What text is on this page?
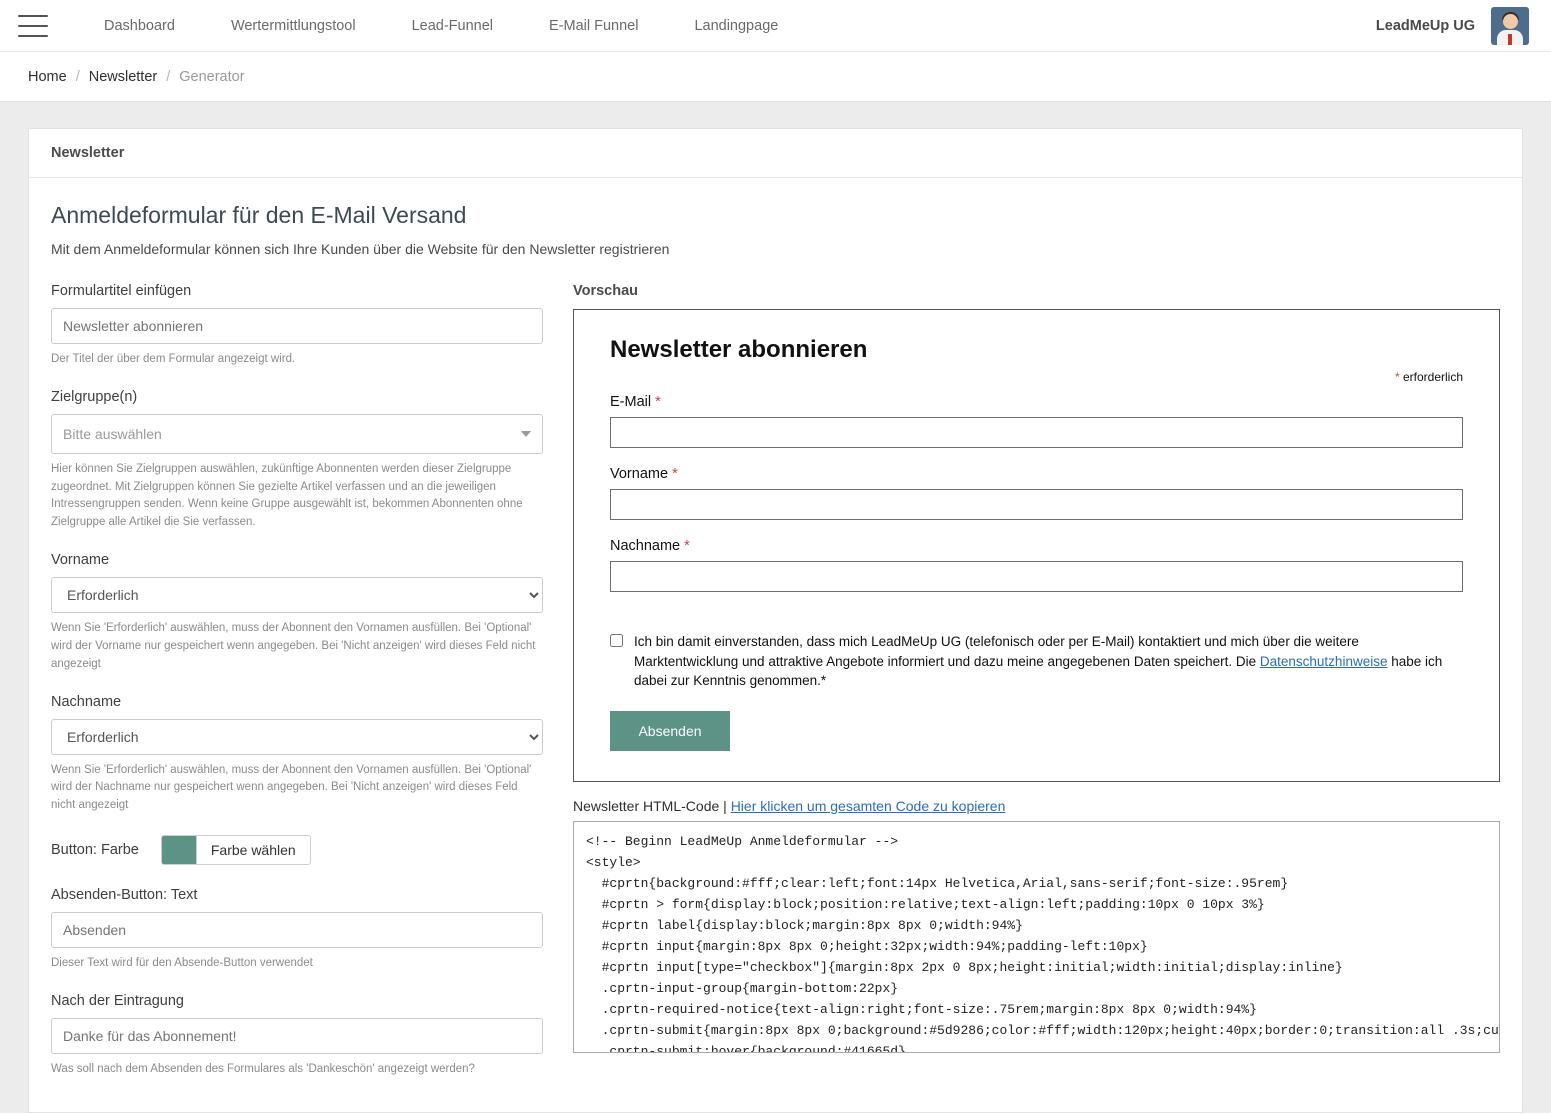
Dashboard	Wertermittlungstool	Lead-Funnel	E-Mail Funnel	Landingpage	LeadMeUp UG
Home / Newsletter / Generator
Newsletter
Anmeldeformular für den E-Mail Versand
Mit dem Anmeldeformular können sich Ihre Kunden über die Website für den Newsletter registrieren
Formulartitel einfügen
Newsletter abonnieren
Der Titel der über dem Formular angezeigt wird.
Zielgruppe(n)
Bitte auswählen
Hier können Sie Zielgruppen auswählen, zukünftige Abonnenten werden dieser Zielgruppe zugeordnet. Mit Zielgruppen können Sie gezielte Artikel verfassen und an die jeweiligen Intressengruppen senden. Wenn keine Gruppe ausgewählt ist, bekommen Abonnenten ohne Zielgruppe alle Artikel die Sie verfassen.
Vorname
Erforderlich
Wenn Sie 'Erforderlich' auswählen, muss der Abonnent den Vornamen ausfüllen. Bei 'Optional' wird der Vorname nur gespeichert wenn angegeben. Bei 'Nicht anzeigen' wird dieses Feld nicht angezeigt
Nachname
Erforderlich
Wenn Sie 'Erforderlich' auswählen, muss der Abonnent den Vornamen ausfüllen. Bei 'Optional' wird der Nachname nur gespeichert wenn angegeben. Bei 'Nicht anzeigen' wird dieses Feld nicht angezeigt
Button: Farbe	Farbe wählen
Absenden-Button: Text
Absenden
Dieser Text wird für den Absende-Button verwendet
Nach der Eintragung
Danke für das Abonnement!
Was soll nach dem Absenden des Formulares als 'Dankeschön' angezeigt werden?
Vorschau
Newsletter abonnieren
* erforderlich
E-Mail *
Vorname *
Nachname *
Ich bin damit einverstanden, dass mich LeadMeUp UG (telefonisch oder per E-Mail) kontaktiert und mich über die weitere Marktentwicklung und attraktive Angebote informiert und dazu meine angegebenen Daten speichert. Die Datenschutzhinweise habe ich dabei zur Kenntnis genommen.*
Absenden
Newsletter HTML-Code | Hier klicken um gesamten Code zu kopieren
<!-- Beginn LeadMeUp Anmeldeformular --> <style> #cprtn{background:#fff;clear:left;font:14px Helvetica,Arial,sans-serif;font-size:.95rem} #cprtn > form{display:block;position:relative;text-align:left;padding:10px 0 10px 3%} #cprtn label{display:block;margin:8px 8px 0;width:94%} #cprtn input{margin:8px 8px 0;height:32px;width:94%;padding-left:10px} #cprtn input[type="checkbox"]{margin:8px 2px 0 8px;height:initial;width:initial;display:inline} .cprtn-input-group{margin-bottom:22px} .cprtn-required-notice{text-align:right;font-size:.75rem;margin:8px 8px 0;width:94%} .cprtn-submit{margin:8px 8px 0;background:#5d9286;color:#fff;width:120px;height:40px;border:0;transition:all .3s;cursor:pointer} .cprtn-submit:hover{background:#41665d}
